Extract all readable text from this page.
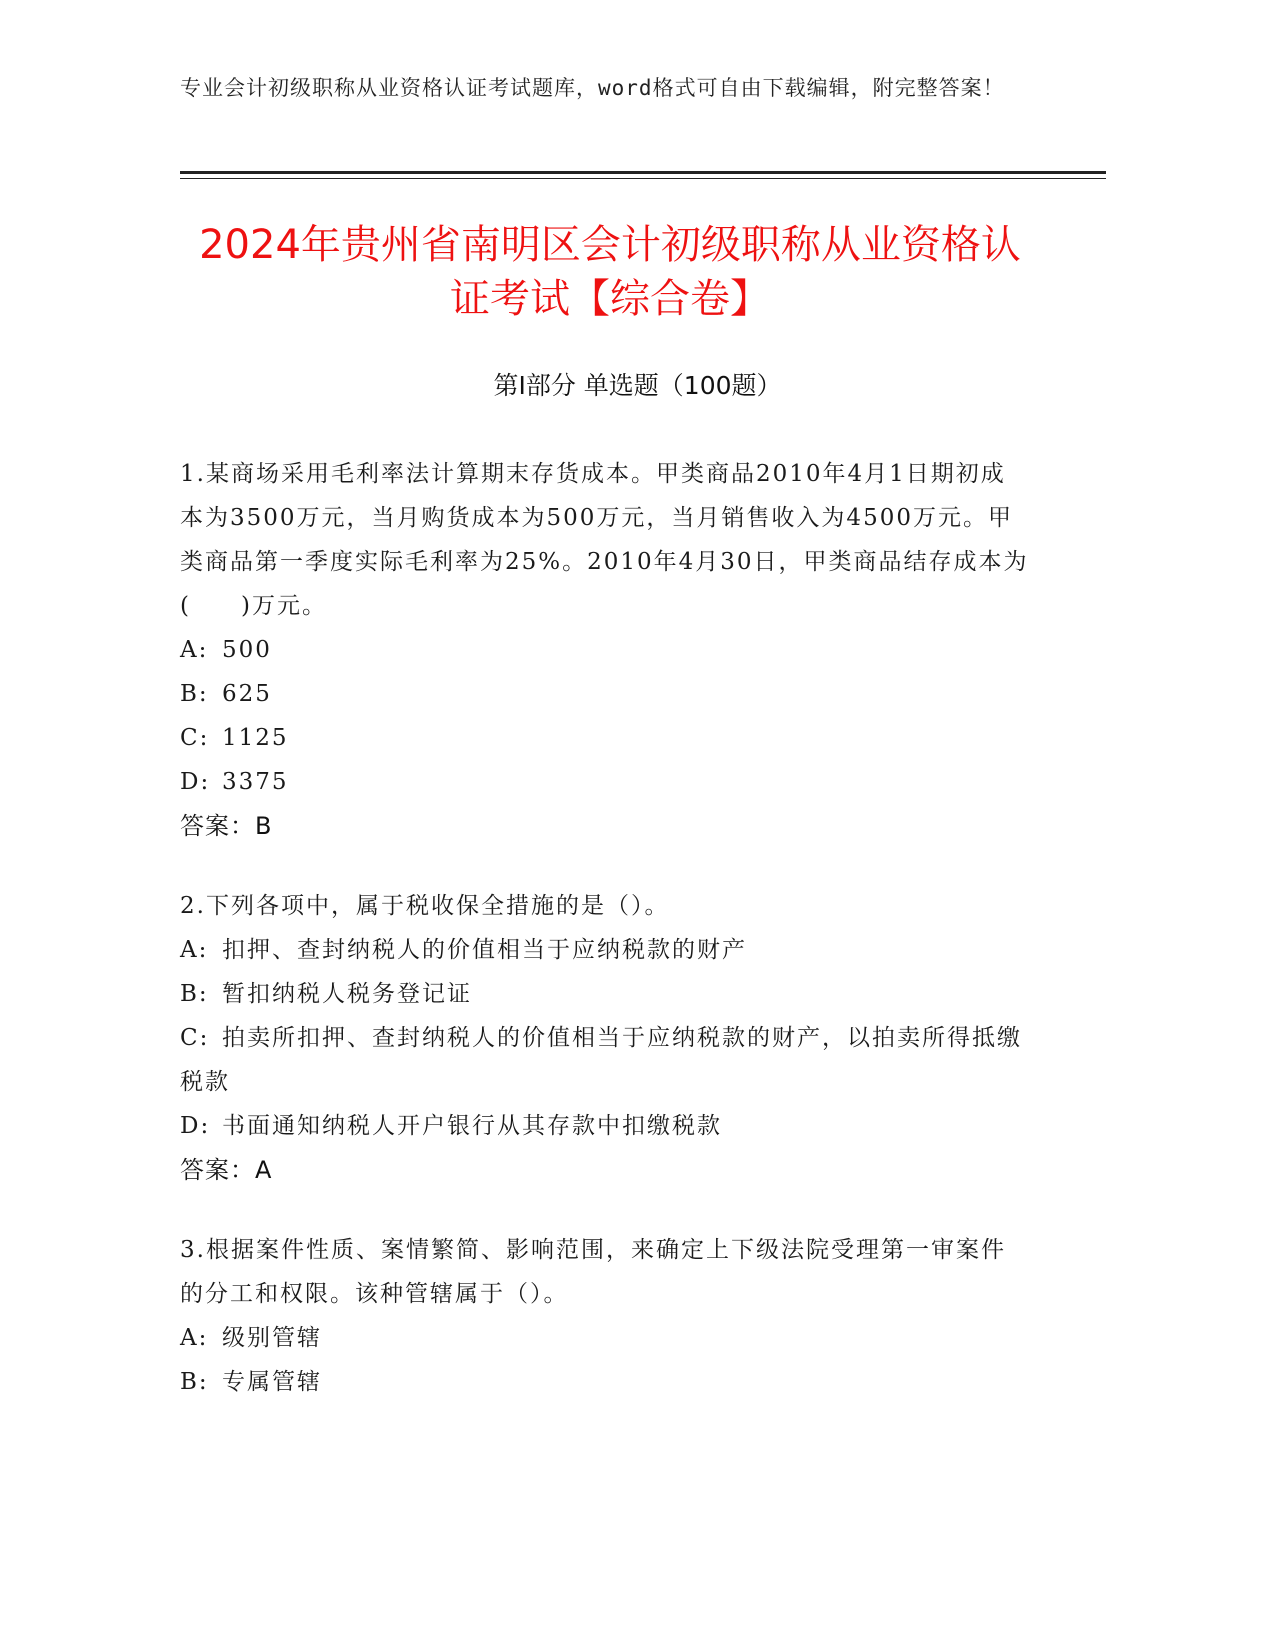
专业会计初级职称从业资格认证考试题库，word格式可自由下载编辑，附完整答案！
2024年贵州省南明区会计初级职称从业资格认证考试【综合卷】
第I部分 单选题（100题）

1.某商场采用毛利率法计算期末存货成本。甲类商品2010年4月1日期初成本为3500万元，当月购货成本为500万元，当月销售收入为4500万元。甲类商品第一季度实际毛利率为25%。2010年4月30日，甲类商品结存成本为(　　)万元。

A: 500

B: 625

C: 1125

D: 3375

答案：B

2.下列各项中，属于税收保全措施的是（）。

A: 扣押、查封纳税人的价值相当于应纳税款的财产

B: 暂扣纳税人税务登记证

C: 拍卖所扣押、查封纳税人的价值相当于应纳税款的财产，以拍卖所得抵缴税款

D: 书面通知纳税人开户银行从其存款中扣缴税款

答案：A

3.根据案件性质、案情繁简、影响范围，来确定上下级法院受理第一审案件的分工和权限。该种管辖属于（）。

A: 级别管辖

B: 专属管辖
